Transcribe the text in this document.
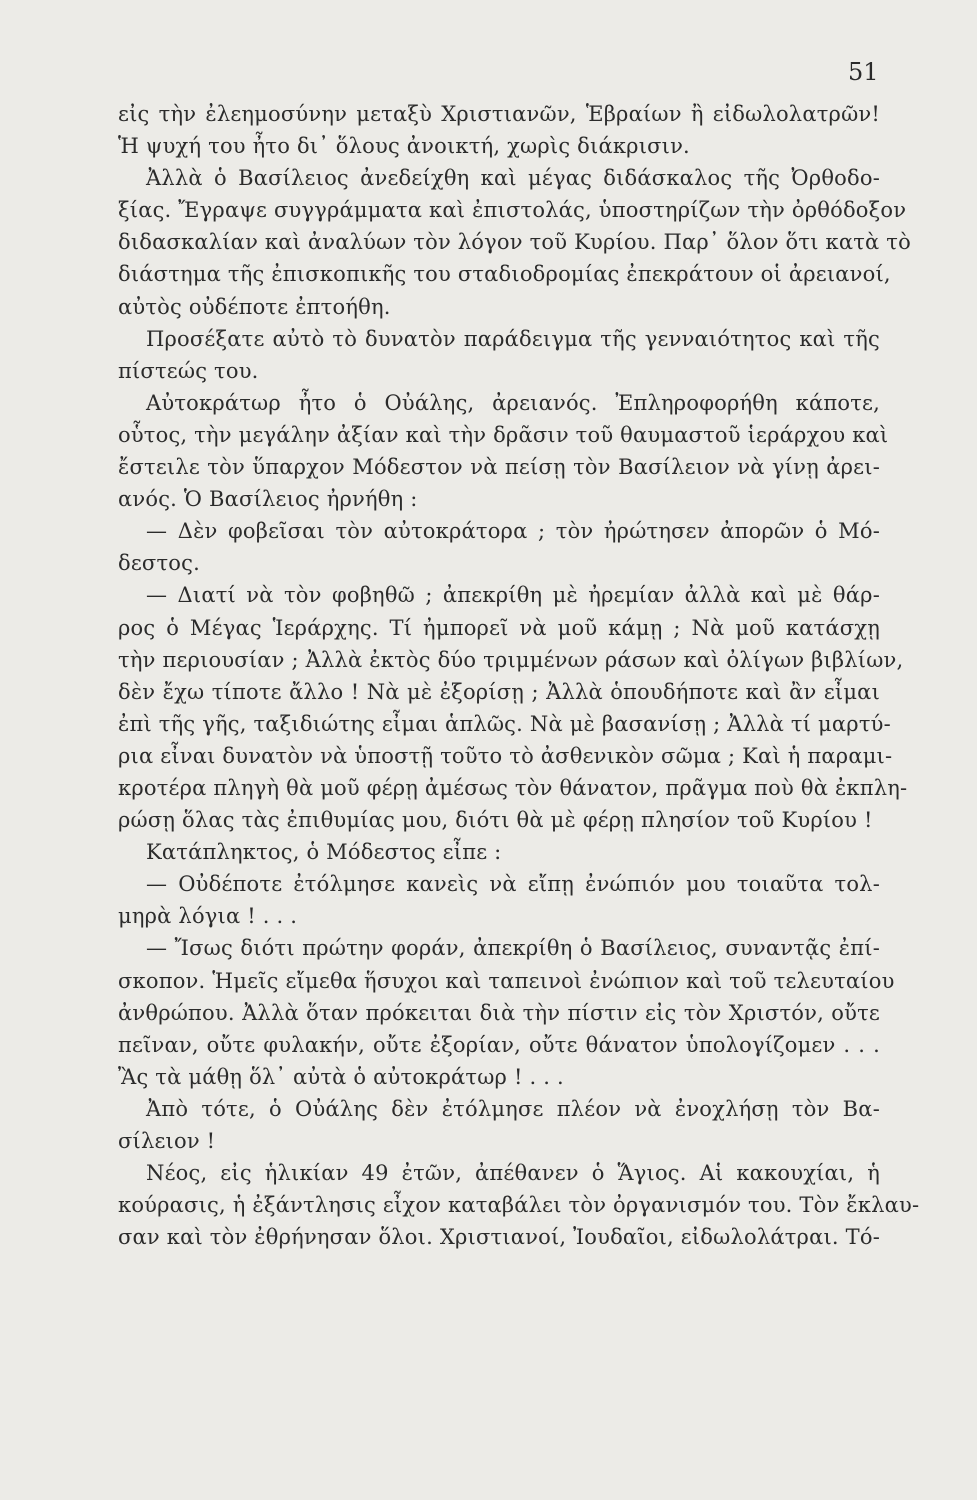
51
εἰς τὴν ἐλεημοσύνην μεταξὺ Χριστιανῶν, Ἑβραίων ἢ εἰδωλολατρῶν!
Ἡ ψυχή του ἦτο δι᾽ ὅλους ἀνοικτή, χωρὶς διάκρισιν.
Ἀλλὰ ὁ Βασίλειος ἀνεδείχθη καὶ μέγας διδάσκαλος τῆς Ὀρθοδο-
ξίας. Ἔγραψε συγγράμματα καὶ ἐπιστολάς, ὑποστηρίζων τὴν ὀρθόδοξον
διδασκαλίαν καὶ ἀναλύων τὸν λόγον τοῦ Κυρίου. Παρ᾽ ὅλον ὅτι κατὰ τὸ
διάστημα τῆς ἐπισκοπικῆς του σταδιοδρομίας ἐπεκράτουν οἱ ἀρειανοί,
αὐτὸς οὐδέποτε ἐπτοήθη.
Προσέξατε αὐτὸ τὸ δυνατὸν παράδειγμα τῆς γενναιότητος καὶ τῆς
πίστεώς του.
Αὐτοκράτωρ ἦτο ὁ Οὐάλης, ἀρειανός. Ἐπληροφορήθη κάποτε,
οὗτος, τὴν μεγάλην ἀξίαν καὶ τὴν δρᾶσιν τοῦ θαυμαστοῦ ἱεράρχου καὶ
ἔστειλε τὸν ὕπαρχον Μόδεστον νὰ πείσῃ τὸν Βασίλειον νὰ γίνῃ ἀρει-
ανός. Ὁ Βασίλειος ἠρνήθη :
— Δὲν φοβεῖσαι τὸν αὐτοκράτορα ; τὸν ἠρώτησεν ἀπορῶν ὁ Μό-
δεστος.
— Διατί νὰ τὸν φοβηθῶ ; ἀπεκρίθη μὲ ἠρεμίαν ἀλλὰ καὶ μὲ θάρ-
ρος ὁ Μέγας Ἱεράρχης. Τί ἠμπορεῖ νὰ μοῦ κάμῃ ; Νὰ μοῦ κατάσχῃ
τὴν περιουσίαν ; Ἀλλὰ ἐκτὸς δύο τριμμένων ράσων καὶ ὀλίγων βιβλίων,
δὲν ἔχω τίποτε ἄλλο ! Νὰ μὲ ἐξορίσῃ ; Ἀλλὰ ὁπουδήποτε καὶ ἂν εἶμαι
ἐπὶ τῆς γῆς, ταξιδιώτης εἶμαι ἁπλῶς. Νὰ μὲ βασανίσῃ ; Ἀλλὰ τί μαρτύ-
ρια εἶναι δυνατὸν νὰ ὑποστῇ τοῦτο τὸ ἀσθενικὸν σῶμα ; Καὶ ἡ παραμι-
κροτέρα πληγὴ θὰ μοῦ φέρῃ ἀμέσως τὸν θάνατον, πρᾶγμα ποὺ θὰ ἐκπλη-
ρώσῃ ὅλας τὰς ἐπιθυμίας μου, διότι θὰ μὲ φέρῃ πλησίον τοῦ Κυρίου !
Κατάπληκτος, ὁ Μόδεστος εἶπε :
— Οὐδέποτε ἐτόλμησε κανεὶς νὰ εἴπῃ ἐνώπιόν μου τοιαῦτα τολ-
μηρὰ λόγια ! . . .
— Ἴσως διότι πρώτην φοράν, ἀπεκρίθη ὁ Βασίλειος, συναντᾷς ἐπί-
σκοπον. Ἡμεῖς εἴμεθα ἥσυχοι καὶ ταπεινοὶ ἐνώπιον καὶ τοῦ τελευταίου
ἀνθρώπου. Ἀλλὰ ὅταν πρόκειται διὰ τὴν πίστιν εἰς τὸν Χριστόν, οὔτε
πεῖναν, οὔτε φυλακήν, οὔτε ἐξορίαν, οὔτε θάνατον ὑπολογίζομεν . . .
Ἂς τὰ μάθῃ ὅλ᾽ αὐτὰ ὁ αὐτοκράτωρ ! . . .
Ἀπὸ τότε, ὁ Οὐάλης δὲν ἐτόλμησε πλέον νὰ ἐνοχλήσῃ τὸν Βα-
σίλειον !
Νέος, εἰς ἡλικίαν 49 ἐτῶν, ἀπέθανεν ὁ Ἅγιος. Αἱ κακουχίαι, ἡ
κούρασις, ἡ ἐξάντλησις εἶχον καταβάλει τὸν ὀργανισμόν του. Τὸν ἔκλαυ-
σαν καὶ τὸν ἐθρήνησαν ὅλοι. Χριστιανοί, Ἰουδαῖοι, εἰδωλολάτραι. Τό-
